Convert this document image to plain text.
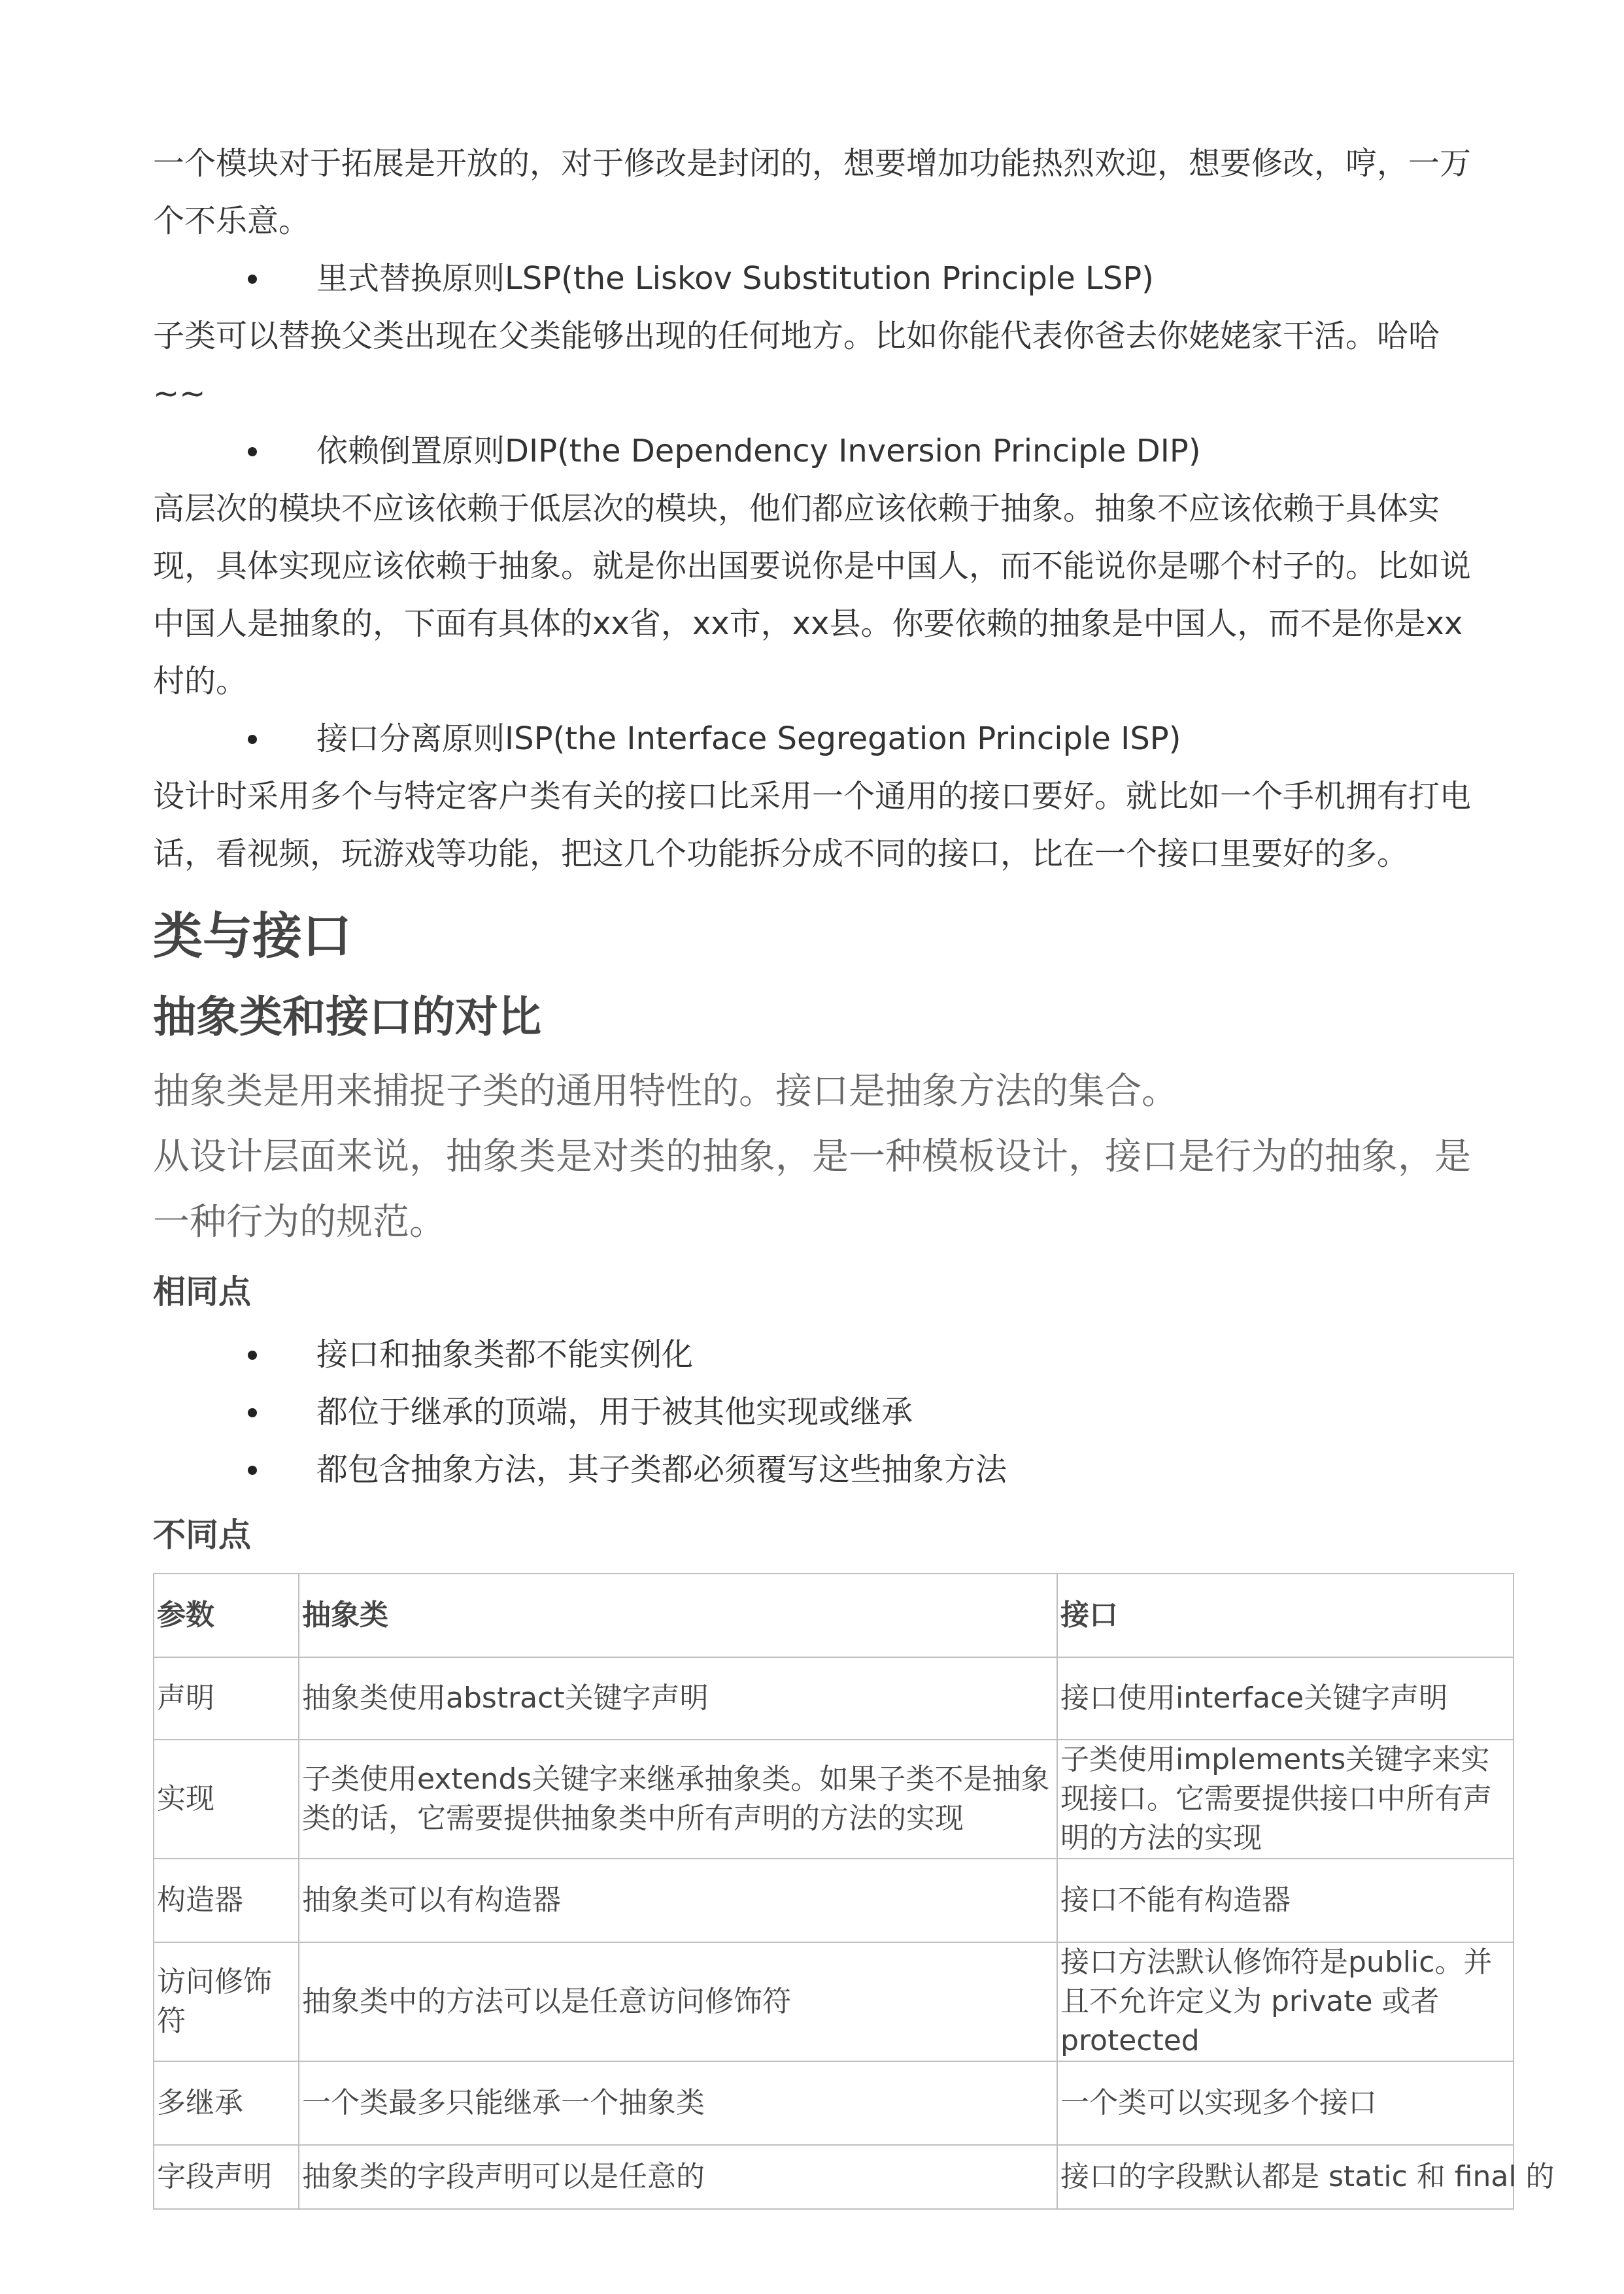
一个模块对于拓展是开放的，对于修改是封闭的，想要增加功能热烈欢迎，想要修改，哼，一万个不乐意。

里式替换原则LSP(the Liskov Substitution Principle LSP)

子类可以替换父类出现在父类能够出现的任何地方。比如你能代表你爸去你姥姥家干活。哈哈~~

依赖倒置原则DIP(the Dependency Inversion Principle DIP)

高层次的模块不应该依赖于低层次的模块，他们都应该依赖于抽象。抽象不应该依赖于具体实现，具体实现应该依赖于抽象。就是你出国要说你是中国人，而不能说你是哪个村子的。比如说中国人是抽象的，下面有具体的xx省，xx市，xx县。你要依赖的抽象是中国人，而不是你是xx村的。

接口分离原则ISP(the Interface Segregation Principle ISP)

设计时采用多个与特定客户类有关的接口比采用一个通用的接口要好。就比如一个手机拥有打电话，看视频，玩游戏等功能，把这几个功能拆分成不同的接口，比在一个接口里要好的多。

类与接口
抽象类和接口的对比

抽象类是用来捕捉子类的通用特性的。接口是抽象方法的集合。

从设计层面来说，抽象类是对类的抽象，是一种模板设计，接口是行为的抽象，是一种行为的规范。

相同点
接口和抽象类都不能实例化
都位于继承的顶端，用于被其他实现或继承
都包含抽象方法，其子类都必须覆写这些抽象方法
不同点
参数	抽象类	接口
声明	抽象类使用abstract关键字声明	接口使用interface关键字声明
实现	子类使用extends关键字来继承抽象类。如果子类不是抽象类的话，它需要提供抽象类中所有声明的方法的实现	子类使用implements关键字来实现接口。它需要提供接口中所有声明的方法的实现
构造器	抽象类可以有构造器	接口不能有构造器
访问修饰符	抽象类中的方法可以是任意访问修饰符	接口方法默认修饰符是public。并且不允许定义为 private 或者 protected
多继承	一个类最多只能继承一个抽象类	一个类可以实现多个接口
字段声明	抽象类的字段声明可以是任意的	接口的字段默认都是 static 和 final 的
